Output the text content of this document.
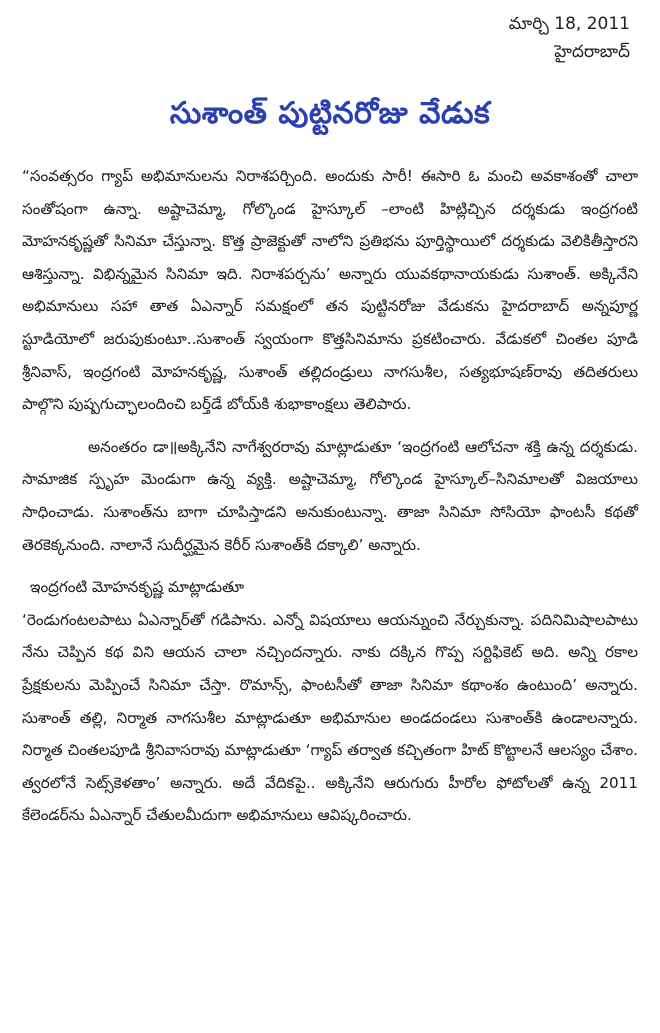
మార్చి 18, 2011
హైదరాబాద్
సుశాంత్ పుట్టినరోజు వేడుక

“సంవత్సరం గ్యాప్ అభిమానులను నిరాశపర్చింది. అందుకు సారీ! ఈసారి ఓ మంచి అవకాశంతో చాలా సంతోషంగా ఉన్నా. అష్టాచెమ్మా, గోల్కొండ హైస్కూల్ –లాంటి హిట్లిచ్చిన దర్శకుడు ఇంద్రగంటి మోహనకృష్ణతో సినిమా చేస్తున్నా. కొత్త ప్రాజెక్టుతో నాలోని ప్రతిభను పూర్తిస్థాయిలో దర్శకుడు వెలికితీస్తారని ఆశిస్తున్నా. విభిన్నమైన సినిమా ఇది. నిరాశపర్చను’ అన్నారు యువకథానాయకుడు సుశాంత్. అక్కినేని అభిమానులు సహా తాత ఏఎన్నార్ సమక్షంలో తన పుట్టినరోజు వేడుకను హైదరాబాద్ అన్నపూర్ణ స్టూడియోలో జరుపుకుంటూ..సుశాంత్ స్వయంగా కొత్తసినిమాను ప్రకటించారు. వేడుకలో చింతల పూడి శ్రీనివాస్, ఇంద్రగంటి మోహనకృష్ణ, సుశాంత్ తల్లిదండ్రులు నాగసుశీల, సత్యభూషణ్‌రావు తదితరులు పాల్గొని పుష్పగుచ్ఛాలందించి బర్త్‌డే బోయ్‌కి శుభాకాంక్షలు తెలిపారు.

అనంతరం డా॥అక్కినేని నాగేశ్వరరావు మాట్లాడుతూ ‘ఇంద్రగంటి ఆలోచనా శక్తి ఉన్న దర్శకుడు. సామాజిక స్పృహ మెండుగా ఉన్న వ్యక్తి. అష్టాచెమ్మా, గోల్కొండ హైస్కూల్–సినిమాలతో విజయాలు సాధించాడు. సుశాంత్‌ను బాగా చూపిస్తాడని అనుకుంటున్నా. తాజా సినిమా సోసియో ఫాంటసీ కథతో తెరకెక్కనుంది. నాలానే సుదీర్ఘమైన కెరీర్ సుశాంత్‌కి దక్కాలి’ అన్నారు.

ఇంద్రగంటి మోహనకృష్ణ మాట్లాడుతూ

‘రెండుగంటలపాటు ఏఎన్నార్‌తో గడిపాను. ఎన్నో విషయాలు ఆయన్నుంచి నేర్చుకున్నా. పదినిమిషాలపాటు నేను చెప్పిన కథ విని ఆయన చాలా నచ్చిందన్నారు. నాకు దక్కిన గొప్ప సర్టిఫికెట్ అది. అన్ని రకాల ప్రేక్షకులను మెప్పించే సినిమా చేస్తా. రొమాన్స్, ఫాంటసీతో తాజా సినిమా కథాంశం ఉంటుంది’ అన్నారు. సుశాంత్ తల్లి, నిర్మాత నాగసుశీల మాట్లాడుతూ అభిమానుల అండదండలు సుశాంత్‌కి ఉండాలన్నారు. నిర్మాత చింతలపూడి శ్రీనివాసరావు మాట్లాడుతూ ‘గ్యాప్ తర్వాత కచ్చితంగా హిట్ కొట్టాలనే ఆలస్యం చేశాం. త్వరలోనే సెట్స్‌కెళతాం’ అన్నారు. అదే వేదికపై.. అక్కినేని ఆరుగురు హీరోల ఫోటోలతో ఉన్న 2011 కేలెండర్‌ను ఏఎన్నార్ చేతులమీదుగా అభిమానులు ఆవిష్కరించారు.
